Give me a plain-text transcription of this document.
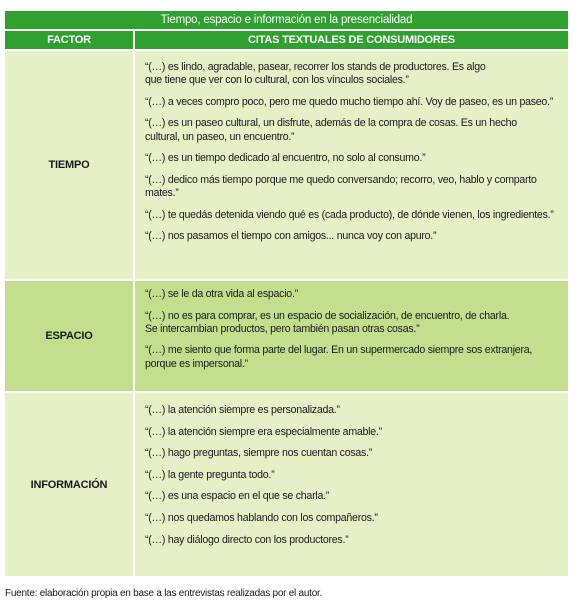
Tiempo, espacio e información en la presencialidad
FACTOR	CITAS TEXTUALES DE CONSUMIDORES
TIEMPO
“(…) es lindo, agradable, pasear, recorrer los stands de productores. Es algo que tiene que ver con lo cultural, con los vínculos sociales.”
“(…) a veces compro poco, pero me quedo mucho tiempo ahí. Voy de paseo, es un paseo.”
“(…) es un paseo cultural, un disfrute, además de la compra de cosas. Es un hecho cultural, un paseo, un encuentro.”
“(…) es un tiempo dedicado al encuentro, no solo al consumo.”
“(…) dedico más tiempo porque me quedo conversando; recorro, veo, hablo y comparto mates.”
“(…) te quedás detenida viendo qué es (cada producto), de dónde vienen, los ingredientes.”
“(…) nos pasamos el tiempo con amigos... nunca voy con apuro.”
ESPACIO
“(…) se le da otra vida al espacio.”
“(…) no es para comprar, es un espacio de socialización, de encuentro, de charla. Se intercambian productos, pero también pasan otras cosas.”
“(…) me siento que forma parte del lugar. En un supermercado siempre sos extranjera, porque es impersonal.”
INFORMACIÓN
“(…) la atención siempre es personalizada.”
“(…) la atención siempre era especialmente amable.”
“(…) hago preguntas, siempre nos cuentan cosas.”
“(…) la gente pregunta todo.”
“(…) es una espacio en el que se charla.”
“(…) nos quedamos hablando con los compañeros.”
“(…) hay diálogo directo con los productores.”
Fuente: elaboración propia en base a las entrevistas realizadas por el autor.
